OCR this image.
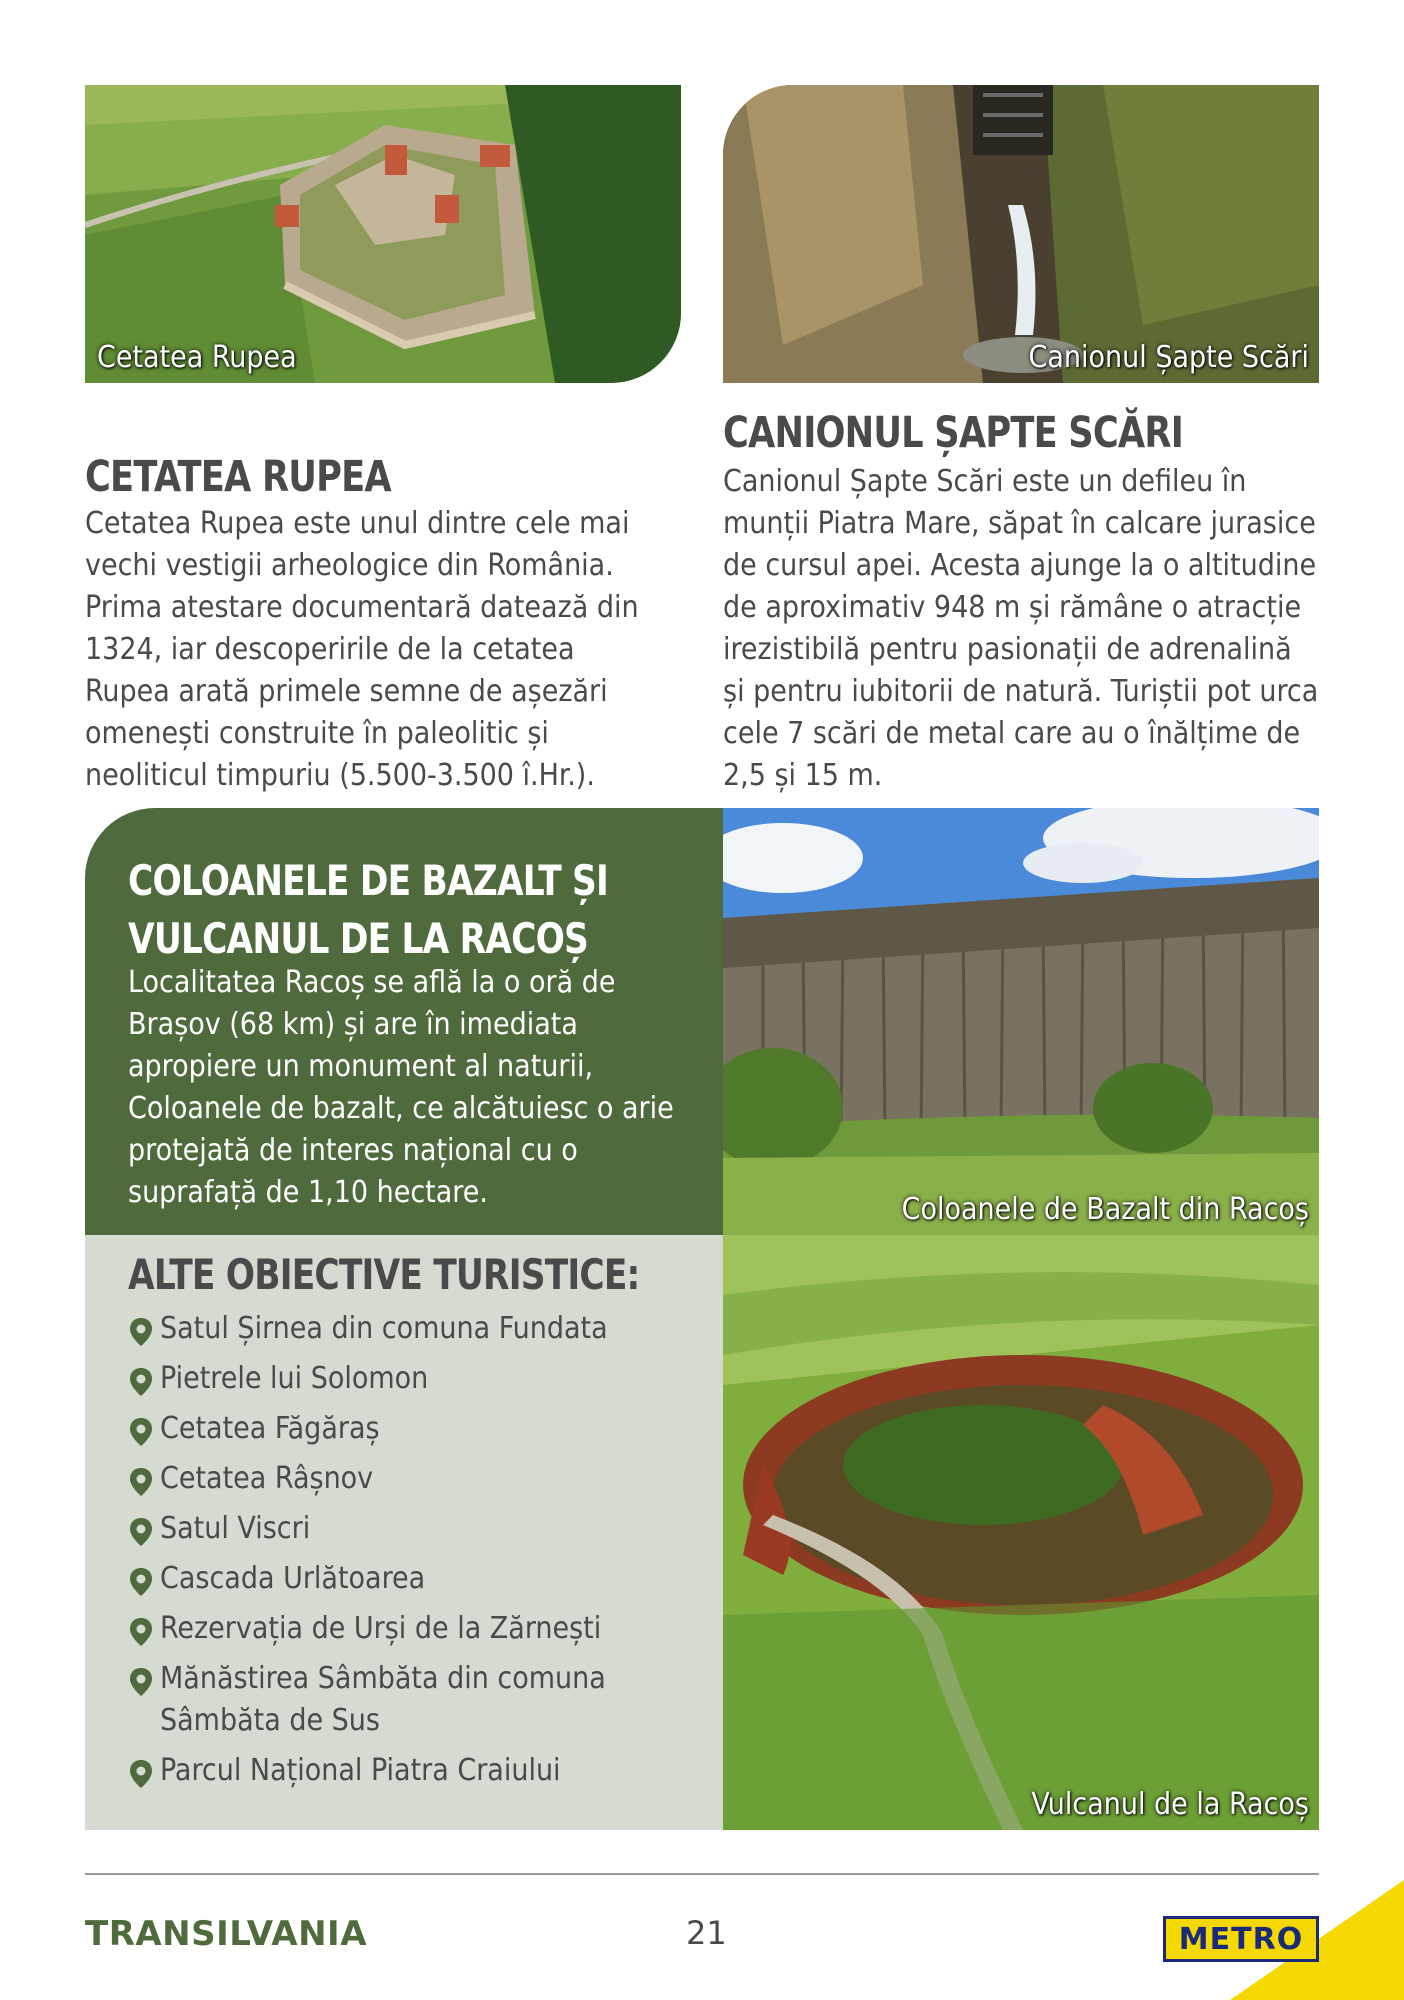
Cetatea Rupea	Canionul Șapte Scări
CETATEA RUPEA

Cetatea Rupea este unul dintre cele mai vechi vestigii arheologice din România. Prima atestare documentară datează din 1324, iar descoperirile de la cetatea Rupea arată primele semne de așezări omenești construite în paleolitic și neoliticul timpuriu (5.500-3.500 î.Hr.).

CANIONUL ȘAPTE SCĂRI

Canionul Șapte Scări este un defileu în munții Piatra Mare, săpat în calcare jurasice de cursul apei. Acesta ajunge la o altitudine de aproximativ 948 m și rămâne o atracție irezistibilă pentru pasionații de adrenalină și pentru iubitorii de natură. Turiștii pot urca cele 7 scări de metal care au o înălțime de 2,5 și 15 m.

COLOANELE DE BAZALT ȘI VULCANUL DE LA RACOȘ

Localitatea Racoș se află la o oră de Brașov (68 km) și are în imediata apropiere un monument al naturii, Coloanele de bazalt, ce alcătuiesc o arie protejată de interes național cu o suprafață de 1,10 hectare.	Coloanele de Bazalt din Racoș
ALTE OBIECTIVE TURISTICE:
Satul Șirnea din comuna Fundata
Pietrele lui Solomon
Cetatea Făgăraș
Cetatea Râșnov
Satul Viscri
Cascada Urlătoarea
Rezervația de Urși de la Zărnești
Mănăstirea Sâmbăta din comuna Sâmbăta de Sus
Parcul Național Piatra Craiului
Vulcanul de la Racoș
TRANSILVANIA	21	METRO
